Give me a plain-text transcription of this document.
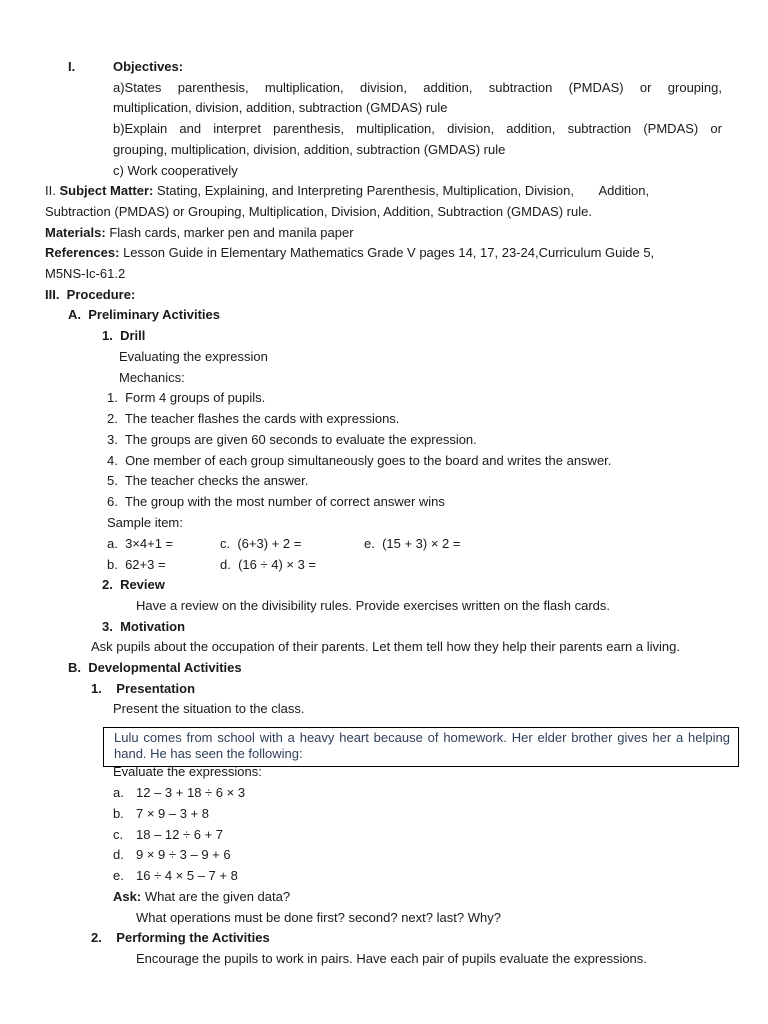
I.	Objectives:
a)States parenthesis, multiplication, division, addition, subtraction (PMDAS) or grouping,
multiplication, division, addition, subtraction (GMDAS) rule
b)Explain and interpret parenthesis, multiplication, division, addition, subtraction (PMDAS) or
grouping, multiplication, division, addition, subtraction (GMDAS) rule
c) Work cooperatively
II. Subject Matter: Stating, Explaining, and Interpreting Parenthesis, Multiplication, Division,       Addition,
Subtraction (PMDAS) or Grouping, Multiplication, Division, Addition, Subtraction (GMDAS) rule.
Materials: Flash cards, marker pen and manila paper
References: Lesson Guide in Elementary Mathematics Grade V pages 14, 17, 23-24,Curriculum Guide 5,
M5NS-Ic-61.2
III.  Procedure:
A.  Preliminary Activities
1.  Drill
Evaluating the expression
Mechanics:
1.  Form 4 groups of pupils.
2.  The teacher flashes the cards with expressions.
3.  The groups are given 60 seconds to evaluate the expression.
4.  One member of each group simultaneously goes to the board and writes the answer.
5.  The teacher checks the answer.
6.  The group with the most number of correct answer wins
Sample item:
a.  3×4+1 =	c.  (6+3) + 2 =	e.  (15 + 3) × 2 =
b.  62+3 =	d.  (16 ÷ 4) × 3 =
2.  Review
Have a review on the divisibility rules. Provide exercises written on the flash cards.
3.  Motivation
Ask pupils about the occupation of their parents. Let them tell how they help their parents earn a living.
B.  Developmental Activities
1.    Presentation
Present the situation to the class.
Lulu comes from school with a heavy heart because of homework. Her elder brother gives her a helping hand. He has seen the following:
Evaluate the expressions:
a. 12 – 3 + 18 ÷ 6 × 3
b. 7 × 9 – 3 + 8
c. 18 – 12 ÷ 6 + 7
d. 9 × 9 ÷ 3 – 9 + 6
e. 16 ÷ 4 × 5 – 7 + 8
Ask: What are the given data?
What operations must be done first? second? next? last? Why?
2.    Performing the Activities
Encourage the pupils to work in pairs. Have each pair of pupils evaluate the expressions.
